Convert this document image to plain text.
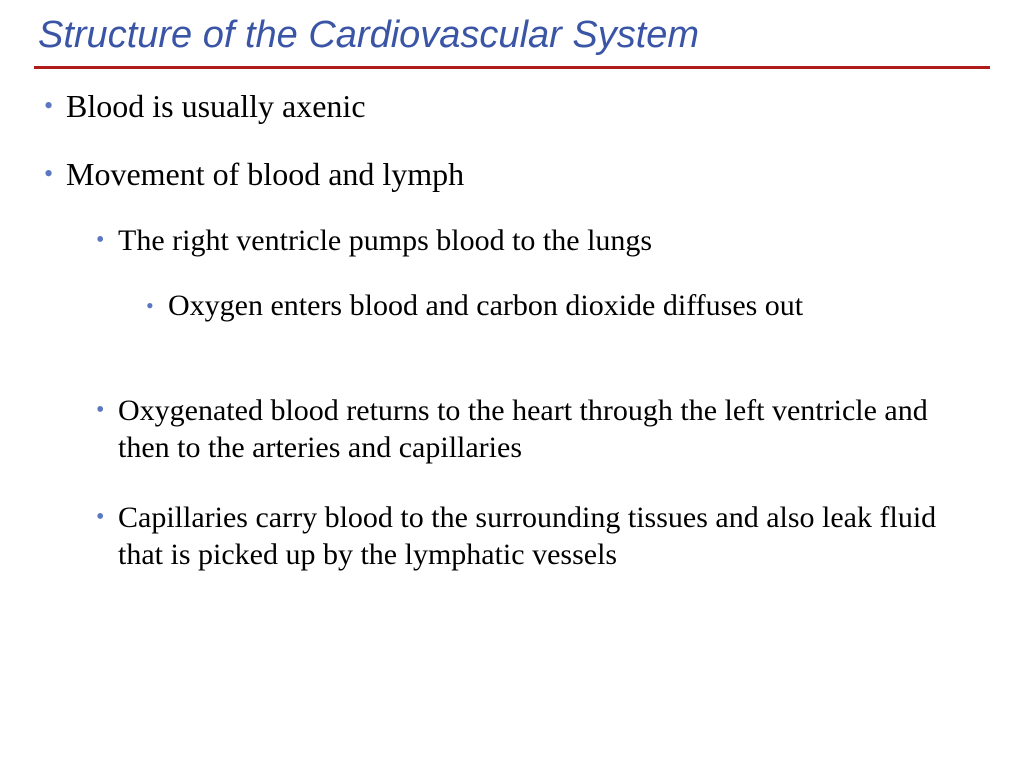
Structure of the Cardiovascular System
• Blood is usually axenic
• Movement of blood and lymph
• The right ventricle pumps blood to the lungs
• Oxygen enters blood and carbon dioxide diffuses out
• Oxygenated blood returns to the heart through the left ventricle and then to the arteries and capillaries
• Capillaries carry blood to the surrounding tissues and also leak fluid that is picked up by the lymphatic vessels
